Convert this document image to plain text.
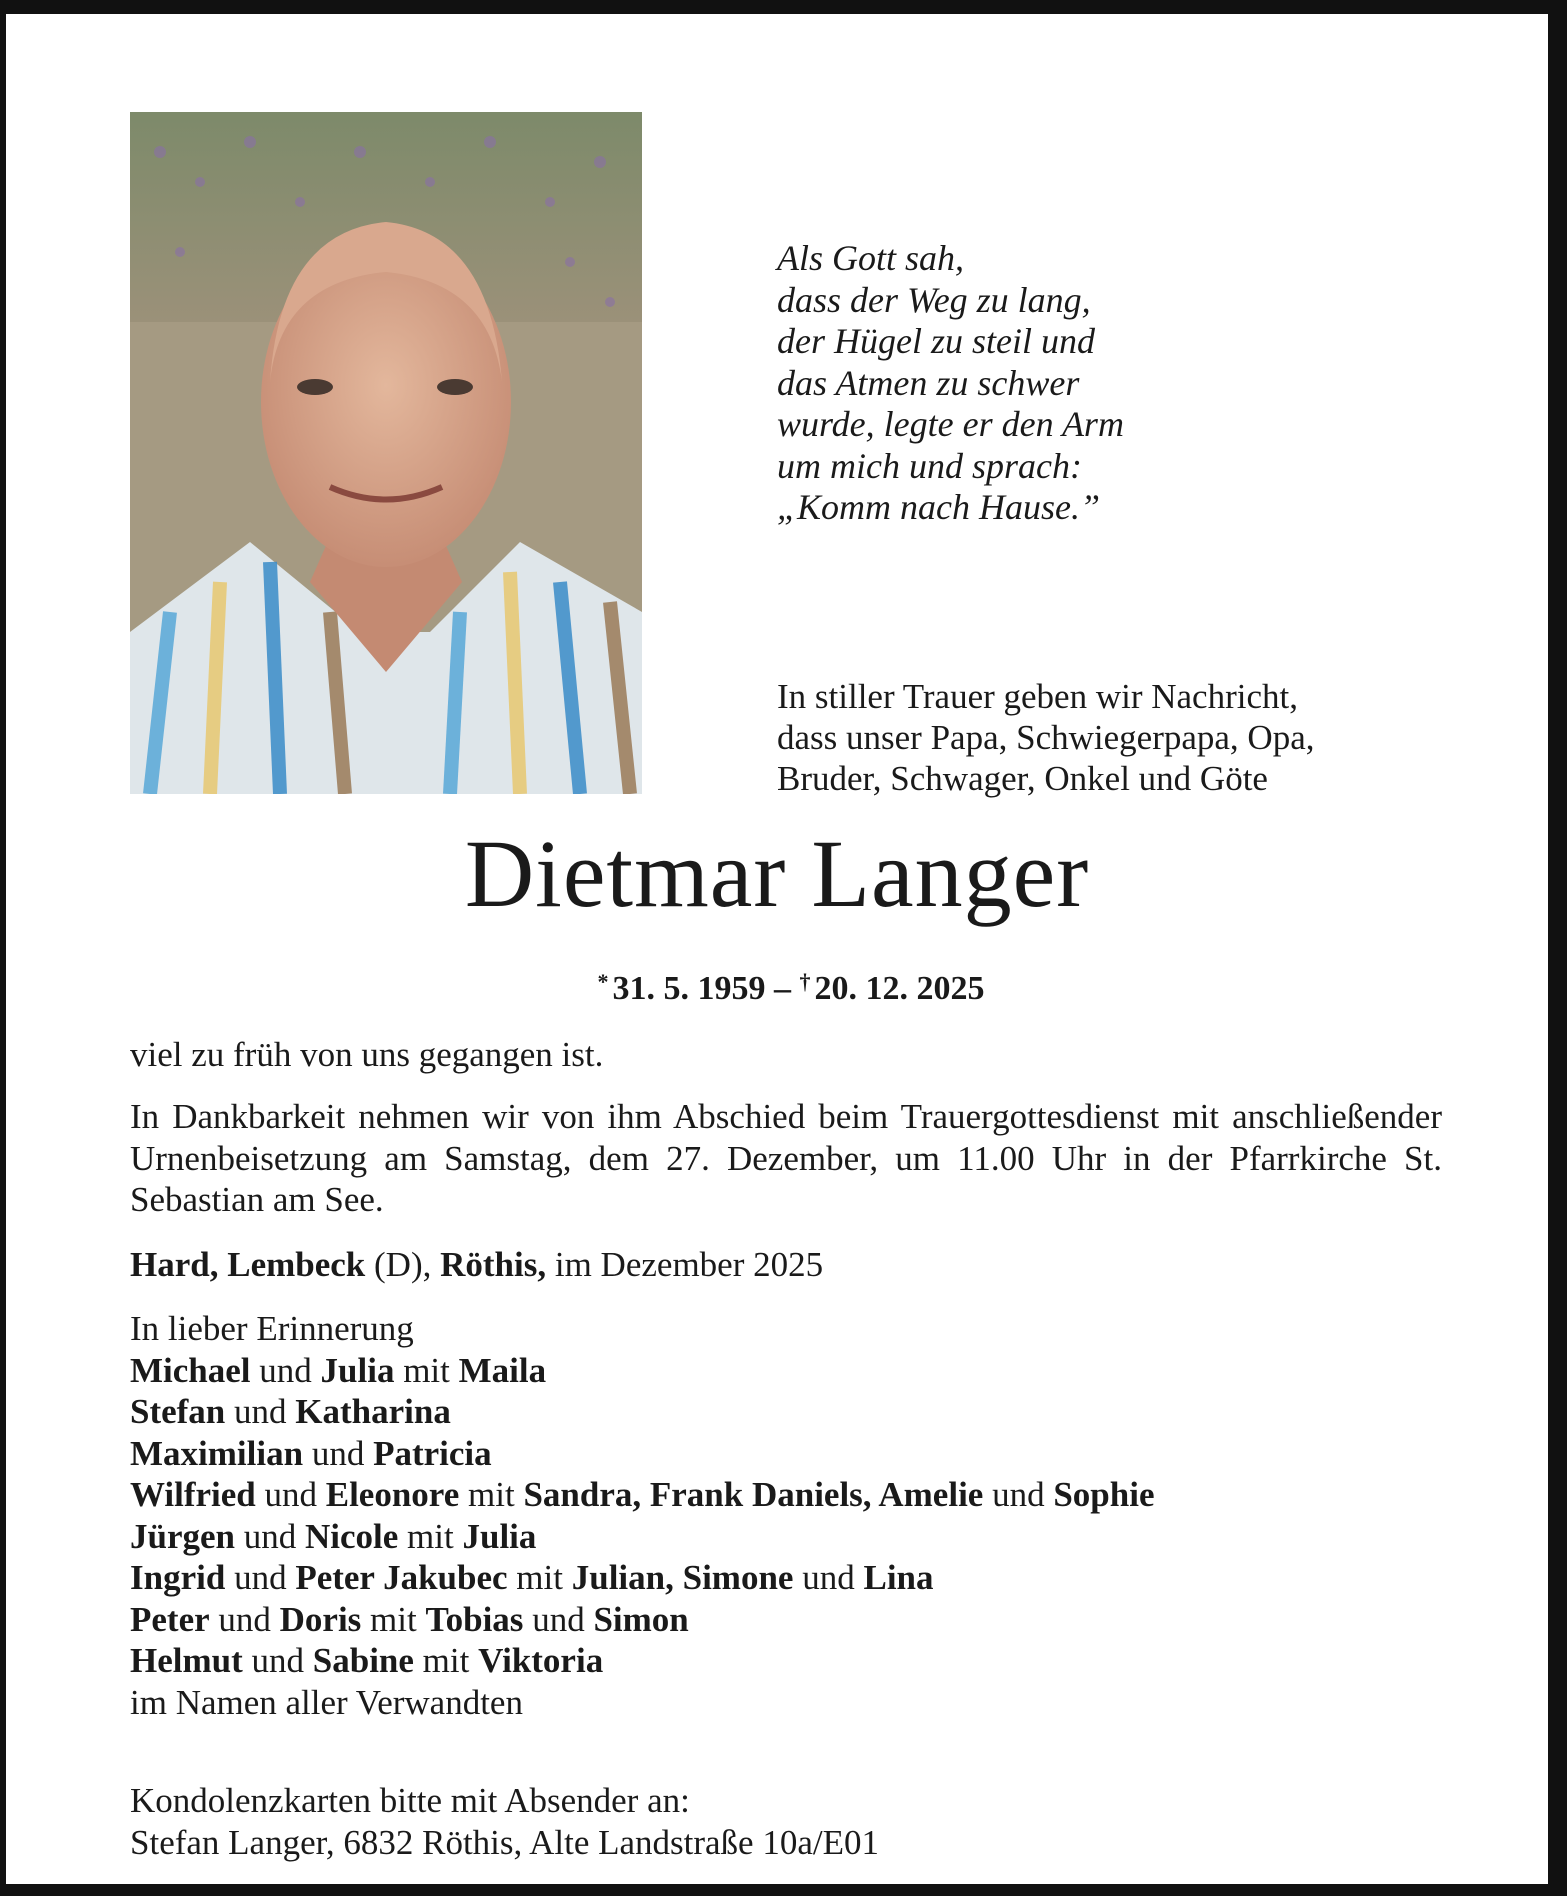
Als Gott sah,
dass der Weg zu lang,
der Hügel zu steil und
das Atmen zu schwer
wurde, legte er den Arm
um mich und sprach:
„Komm nach Hause.”
In stiller Trauer geben wir Nachricht,
dass unser Papa, Schwiegerpapa, Opa,
Bruder, Schwager, Onkel und Göte
Dietmar Langer
* 31. 5. 1959 – † 20. 12. 2025
viel zu früh von uns gegangen ist.
In Dankbarkeit nehmen wir von ihm Abschied beim Trauergottesdienst mit anschließender Urnenbeisetzung am Samstag, dem 27. Dezember, um 11.00 Uhr in der Pfarrkirche St. Sebastian am See.
Hard, Lembeck (D), Röthis, im Dezember 2025
In lieber Erinnerung
Michael und Julia mit Maila
Stefan und Katharina
Maximilian und Patricia
Wilfried und Eleonore mit Sandra, Frank Daniels, Amelie und Sophie
Jürgen und Nicole mit Julia
Ingrid und Peter Jakubec mit Julian, Simone und Lina
Peter und Doris mit Tobias und Simon
Helmut und Sabine mit Viktoria
im Namen aller Verwandten
Kondolenzkarten bitte mit Absender an:
Stefan Langer, 6832 Röthis, Alte Landstraße 10a/E01
